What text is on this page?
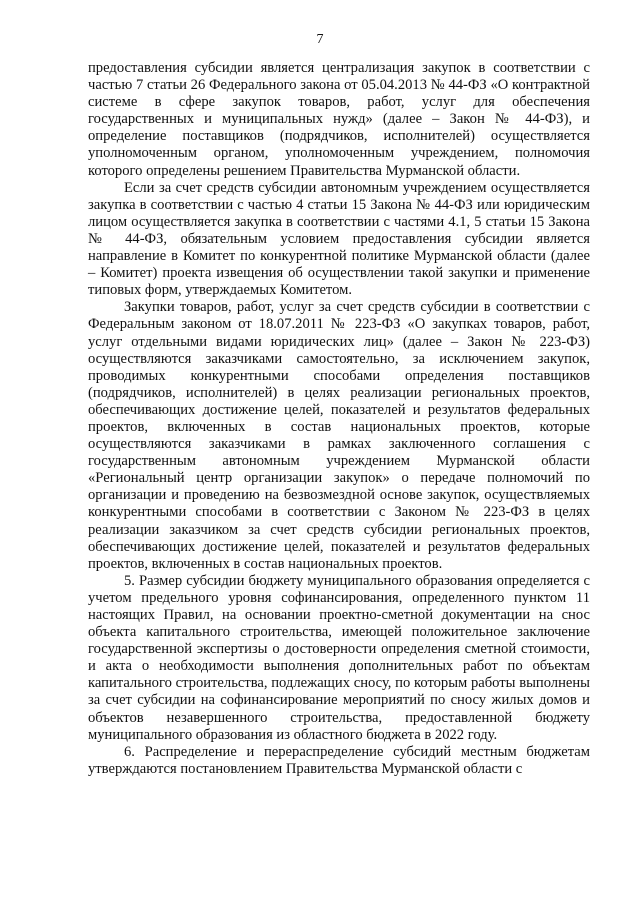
7

предоставления субсидии является централизация закупок в соответствии с частью 7 статьи 26 Федерального закона от 05.04.2013 № 44-ФЗ «О контрактной системе в сфере закупок товаров, работ, услуг для обеспечения государственных и муниципальных нужд» (далее – Закон № 44-ФЗ), и определение поставщиков (подрядчиков, исполнителей) осуществляется уполномоченным органом, уполномоченным учреждением, полномочия которого определены решением Правительства Мурманской области.

Если за счет средств субсидии автономным учреждением осуществляется закупка в соответствии с частью 4 статьи 15 Закона № 44-ФЗ или юридическим лицом осуществляется закупка в соответствии с частями 4.1, 5 статьи 15 Закона № 44-ФЗ, обязательным условием предоставления субсидии является направление в Комитет по конкурентной политике Мурманской области (далее – Комитет) проекта извещения об осуществлении такой закупки и применение типовых форм, утверждаемых Комитетом.

Закупки товаров, работ, услуг за счет средств субсидии в соответствии с Федеральным законом от 18.07.2011 № 223-ФЗ «О закупках товаров, работ, услуг отдельными видами юридических лиц» (далее – Закон № 223-ФЗ) осуществляются заказчиками самостоятельно, за исключением закупок, проводимых конкурентными способами определения поставщиков (подрядчиков, исполнителей) в целях реализации региональных проектов, обеспечивающих достижение целей, показателей и результатов федеральных проектов, включенных в состав национальных проектов, которые осуществляются заказчиками в рамках заключенного соглашения с государственным автономным учреждением Мурманской области «Региональный центр организации закупок» о передаче полномочий по организации и проведению на безвозмездной основе закупок, осуществляемых конкурентными способами в соответствии с Законом № 223-ФЗ в целях реализации заказчиком за счет средств субсидии региональных проектов, обеспечивающих достижение целей, показателей и результатов федеральных проектов, включенных в состав национальных проектов.

5. Размер субсидии бюджету муниципального образования определяется с учетом предельного уровня софинансирования, определенного пунктом 11 настоящих Правил, на основании проектно-сметной документации на снос объекта капитального строительства, имеющей положительное заключение государственной экспертизы о достоверности определения сметной стоимости, и акта о необходимости выполнения дополнительных работ по объектам капитального строительства, подлежащих сносу, по которым работы выполнены за счет субсидии на софинансирование мероприятий по сносу жилых домов и объектов незавершенного строительства, предоставленной бюджету муниципального образования из областного бюджета в 2022 году.

6. Распределение и перераспределение субсидий местным бюджетам утверждаются постановлением Правительства Мурманской области с
